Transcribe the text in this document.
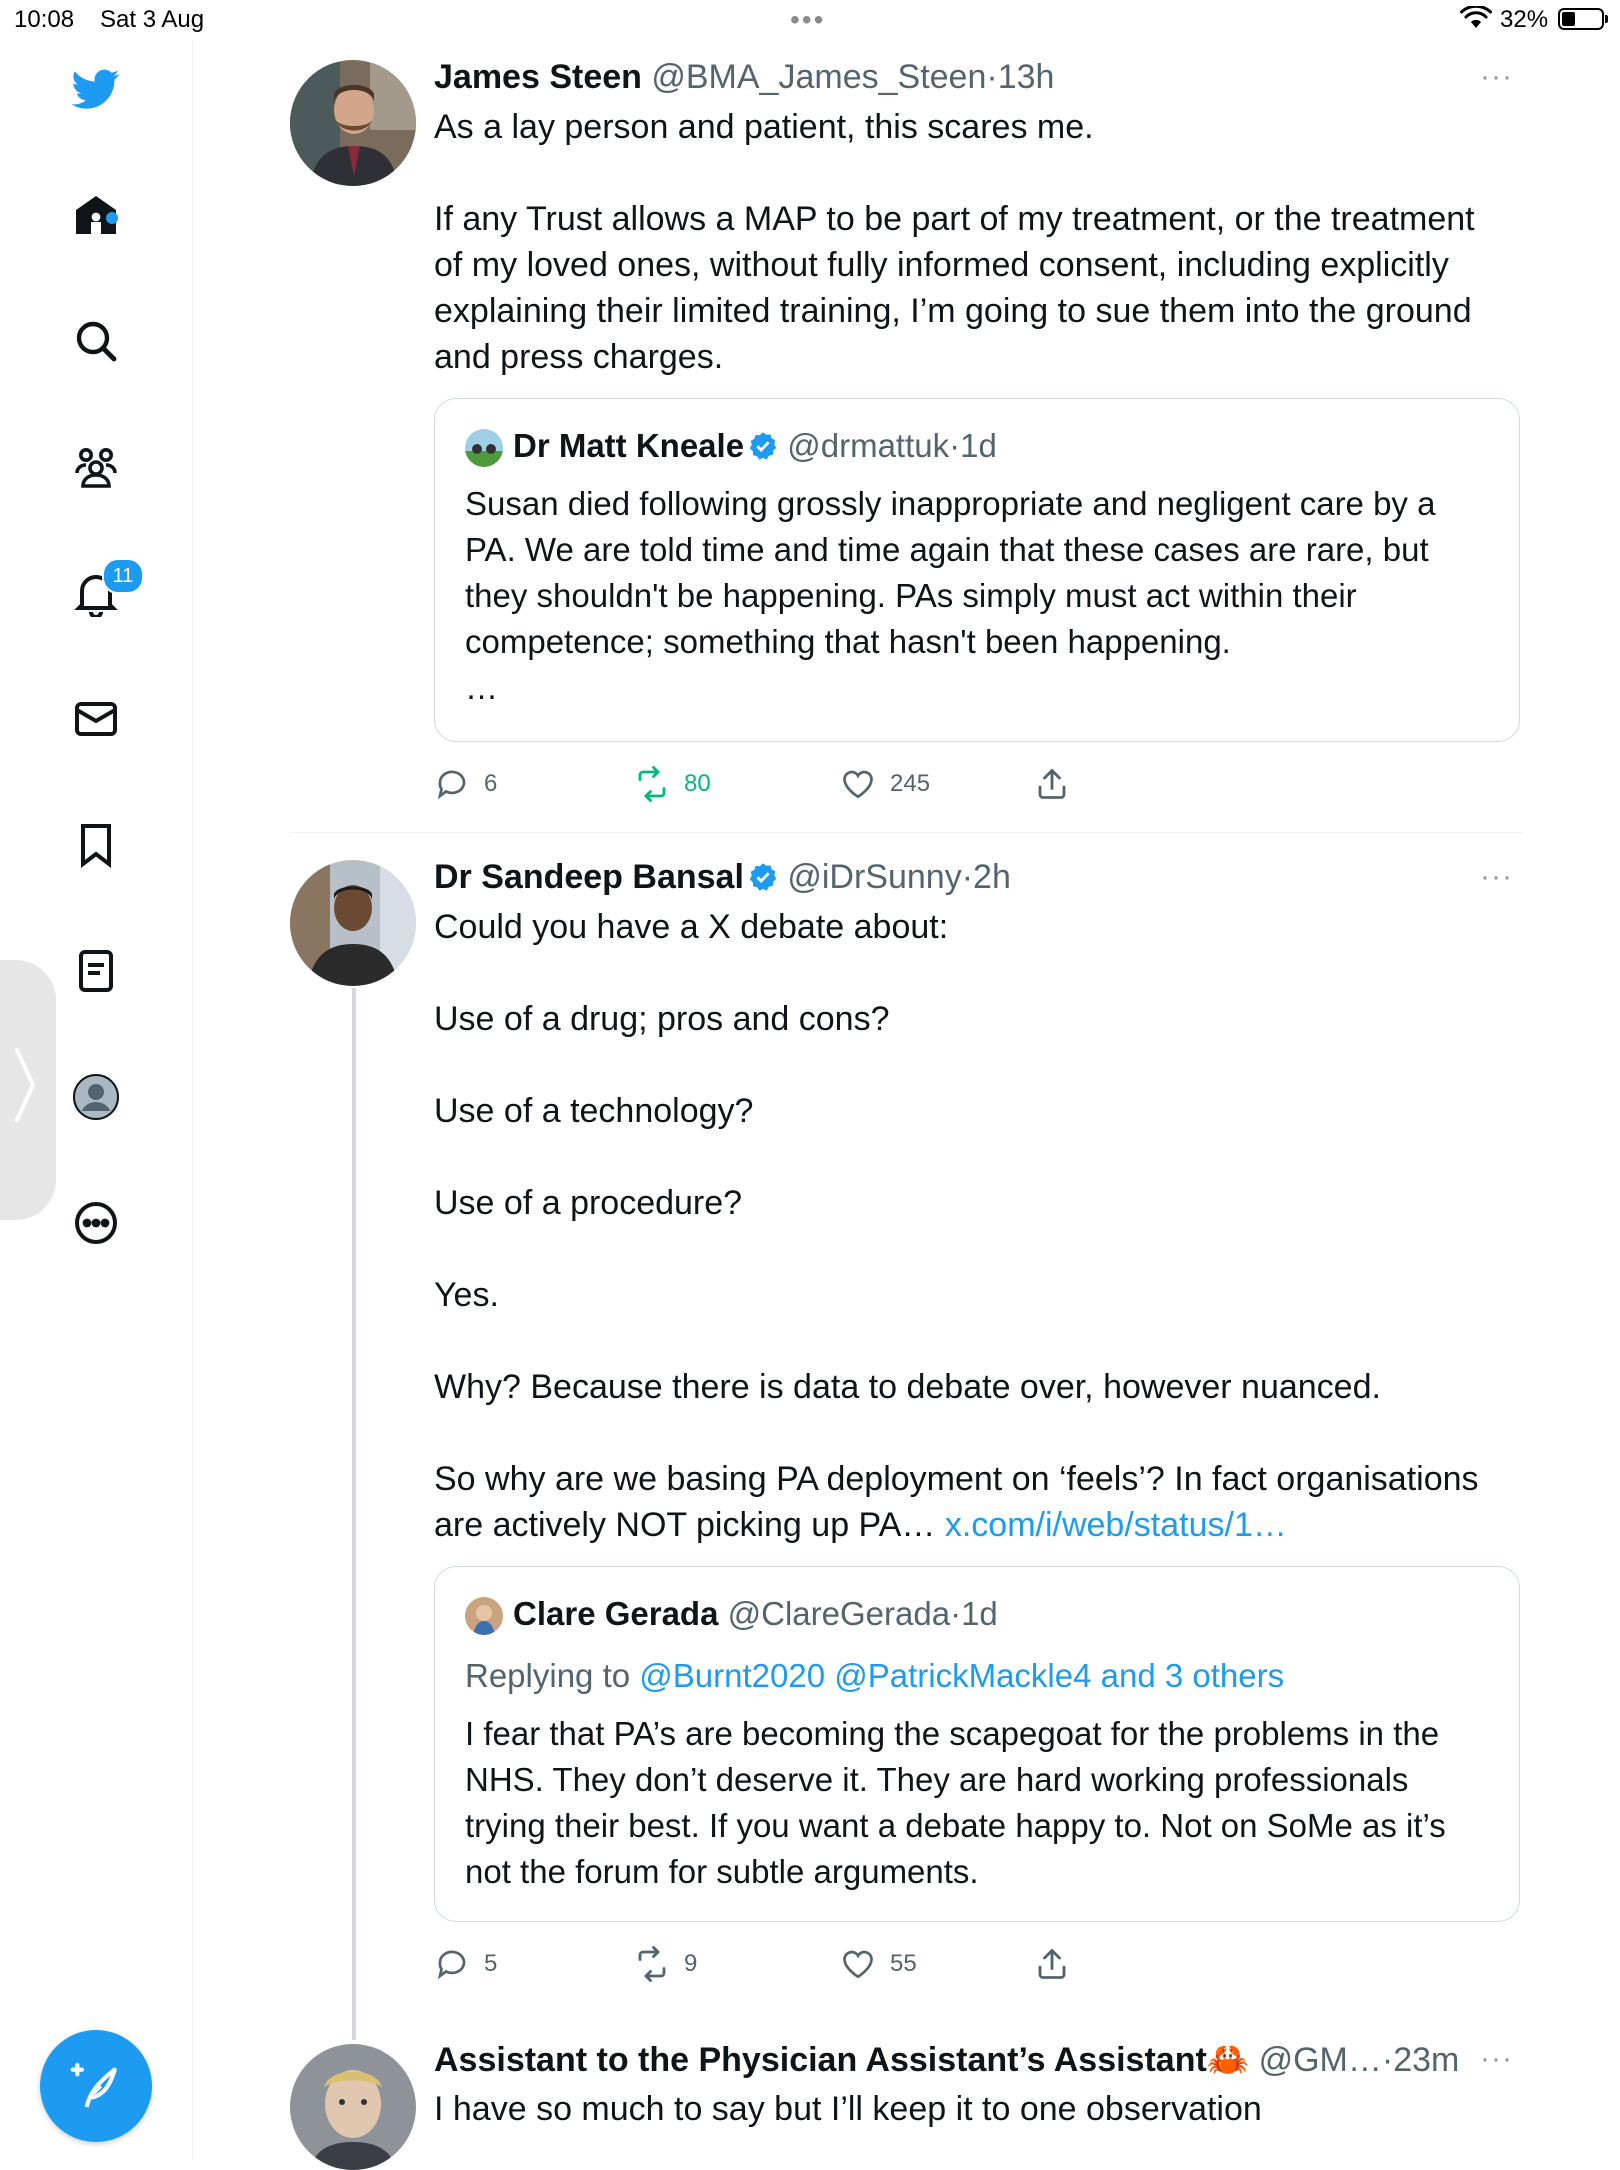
10:08 Sat 3 Aug	•••	32%
11
James Steen @BMA_James_Steen·13h	···

As a lay person and patient, this scares me.

If any Trust allows a MAP to be part of my treatment, or the treatment of my loved ones, without fully informed consent, including explicitly explaining their limited training, I’m going to sue them into the ground and press charges.

Dr Matt Kneale @drmattuk·1d

Susan died following grossly inappropriate and negligent care by a PA. We are told time and time again that these cases are rare, but they shouldn't be happening. PAs simply must act within their competence; something that hasn't been happening.

…

6	80	245
Dr Sandeep Bansal @iDrSunny·2h	···

Could you have a X debate about:

Use of a drug; pros and cons?

Use of a technology?

Use of a procedure?

Yes.

Why? Because there is data to debate over, however nuanced.

So why are we basing PA deployment on ‘feels’? In fact organisations are actively NOT picking up PA… x.com/i/web/status/1…

Clare Gerada @ClareGerada·1d
Replying to @Burnt2020 @PatrickMackle4 and 3 others
I fear that PA’s are becoming the scapegoat for the problems in the NHS. They don’t deserve it. They are hard working professionals trying their best. If you want a debate happy to. Not on SoMe as it’s not the forum for subtle arguments.
5	9	55
Assistant to the Physician Assistant’s Assistant🦀 @GM…·23m ···
I have so much to say but I’ll keep it to one observation
